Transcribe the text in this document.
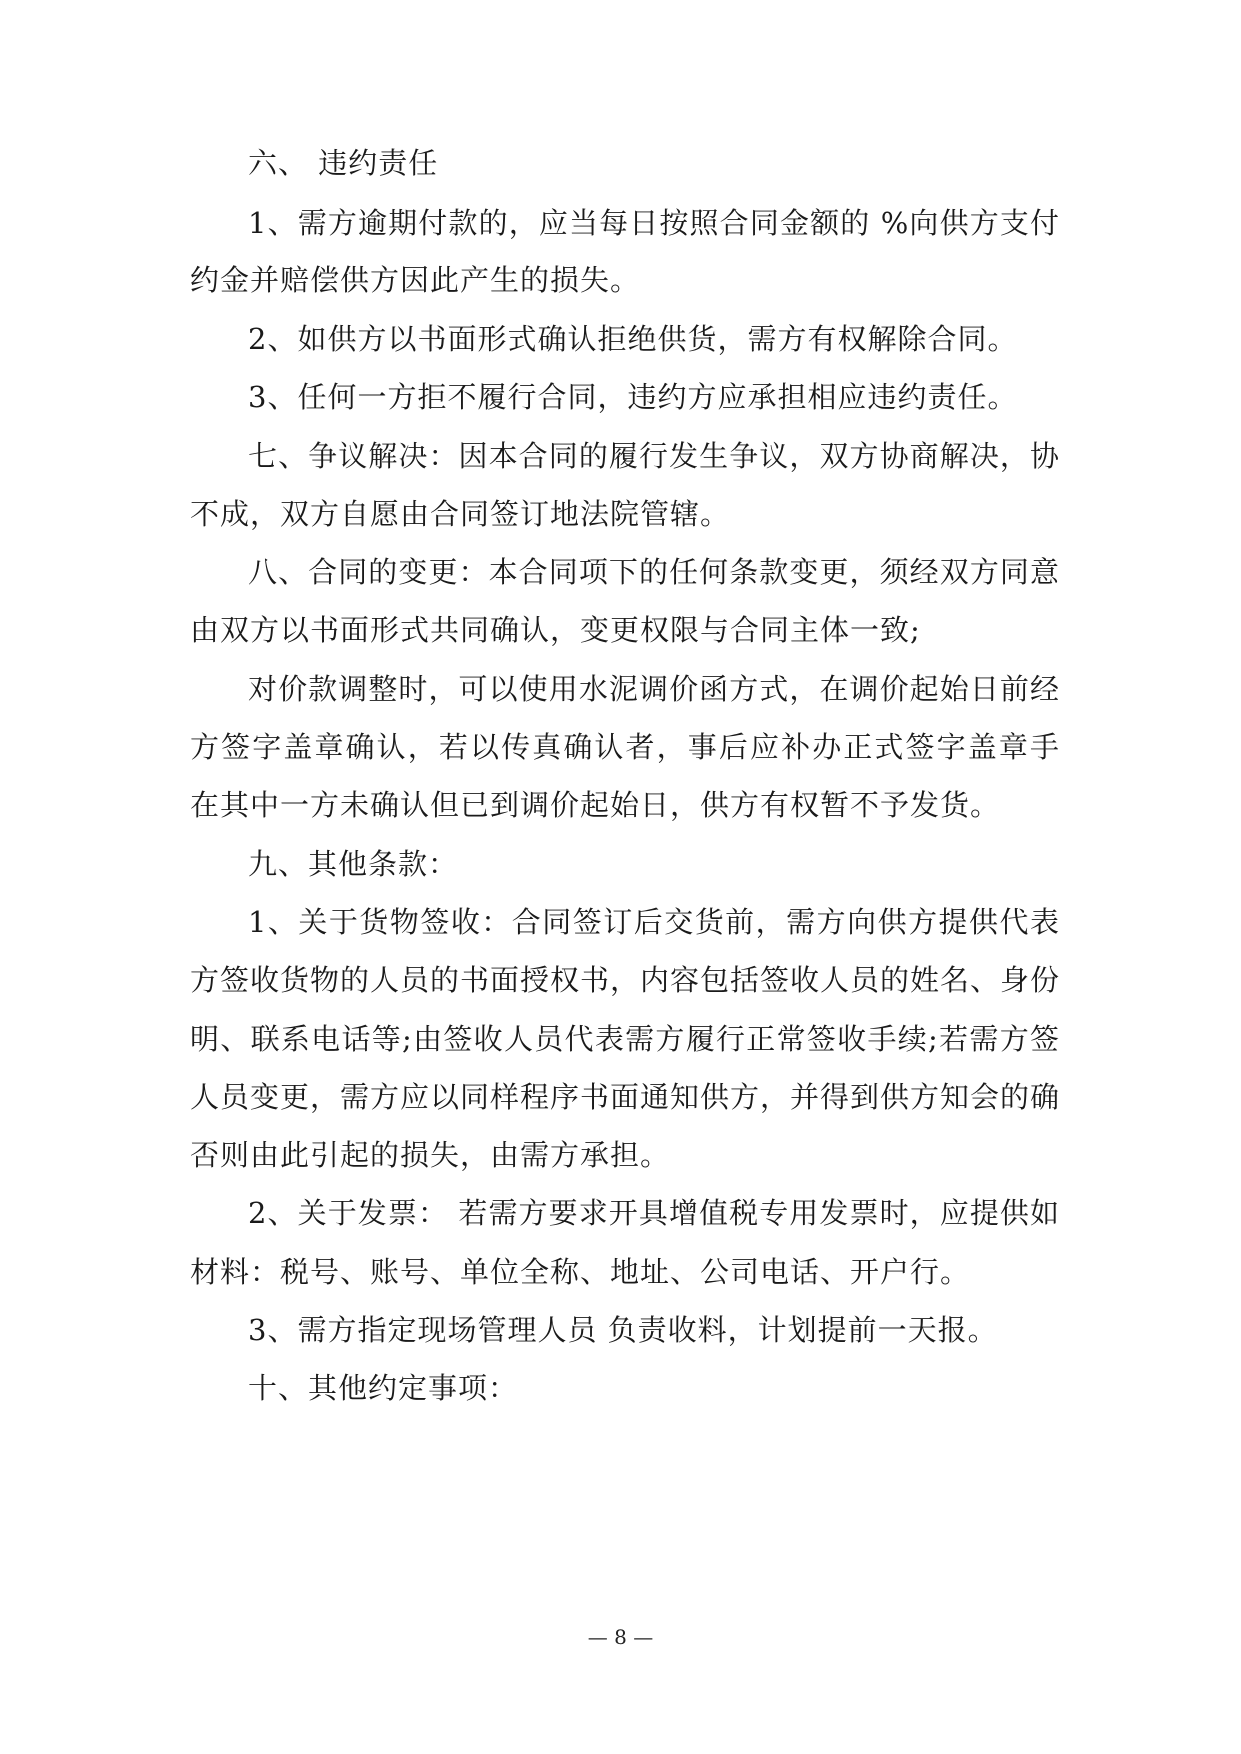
六、 违约责任
1、需方逾期付款的，应当每日按照合同金额的 %向供方支付
约金并赔偿供方因此产生的损失。
2、如供方以书面形式确认拒绝供货，需方有权解除合同。
3、任何一方拒不履行合同，违约方应承担相应违约责任。
七、争议解决：因本合同的履行发生争议，双方协商解决，协
不成，双方自愿由合同签订地法院管辖。
八、合同的变更：本合同项下的任何条款变更，须经双方同意
由双方以书面形式共同确认，变更权限与合同主体一致;
对价款调整时，可以使用水泥调价函方式，在调价起始日前经
方签字盖章确认，若以传真确认者，事后应补办正式签字盖章手
在其中一方未确认但已到调价起始日，供方有权暂不予发货。
九、其他条款：
1、关于货物签收：合同签订后交货前，需方向供方提供代表
方签收货物的人员的书面授权书，内容包括签收人员的姓名、身份
明、联系电话等;由签收人员代表需方履行正常签收手续;若需方签
人员变更，需方应以同样程序书面通知供方，并得到供方知会的确
否则由此引起的损失，由需方承担。
2、关于发票： 若需方要求开具增值税专用发票时，应提供如
材料：税号、账号、单位全称、地址、公司电话、开户行。
3、需方指定现场管理人员 负责收料，计划提前一天报。
十、其他约定事项：
— 8 —
